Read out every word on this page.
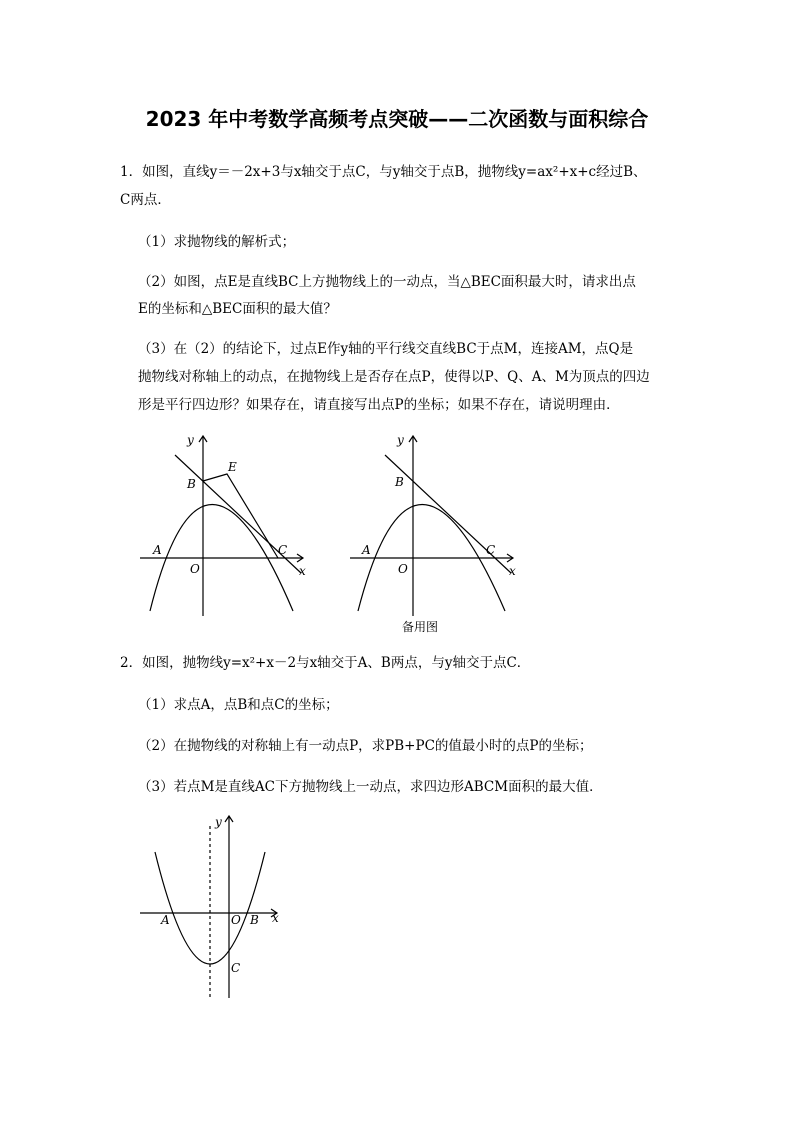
2023 年中考数学高频考点突破——二次函数与面积综合
1．如图，直线y＝－2x+3与x轴交于点C，与y轴交于点B，抛物线y=ax²+x+c经过B、
C两点．
（1）求抛物线的解析式；
（2）如图，点E是直线BC上方抛物线上的一动点，当△BEC面积最大时，请求出点
E的坐标和△BEC面积的最大值？
（3）在（2）的结论下，过点E作y轴的平行线交直线BC于点M，连接AM，点Q是
抛物线对称轴上的动点，在抛物线上是否存在点P，使得以P、Q、A、M为顶点的四边
形是平行四边形？如果存在，请直接写出点P的坐标；如果不存在，请说明理由．
y
x
B
E
A
O
C
y
x
B
A
O
C
备用图
2．如图，抛物线y=x²+x－2与x轴交于A、B两点，与y轴交于点C．
（1）求点A，点B和点C的坐标；
（2）在抛物线的对称轴上有一动点P，求PB+PC的值最小时的点P的坐标；
（3）若点M是直线AC下方抛物线上一动点，求四边形ABCM面积的最大值．
y
x
A	O B
C
